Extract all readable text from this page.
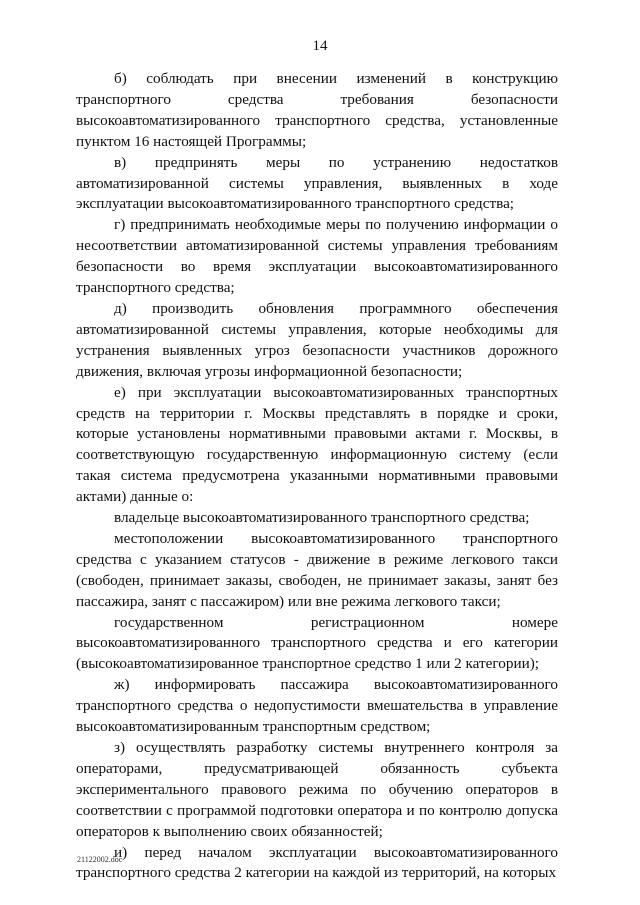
14

б) соблюдать при внесении изменений в конструкцию транспортного средства требования безопасности высокоавтоматизированного транспортного средства, установленные пунктом 16 настоящей Программы;

в) предпринять меры по устранению недостатков автоматизированной системы управления, выявленных в ходе эксплуатации высокоавтоматизированного транспортного средства;

г) предпринимать необходимые меры по получению информации о несоответствии автоматизированной системы управления требованиям безопасности во время эксплуатации высокоавтоматизированного транспортного средства;

д) производить обновления программного обеспечения автоматизированной системы управления, которые необходимы для устранения выявленных угроз безопасности участников дорожного движения, включая угрозы информационной безопасности;

е) при эксплуатации высокоавтоматизированных транспортных средств на территории г. Москвы представлять в порядке и сроки, которые установлены нормативными правовыми актами г. Москвы, в соответствующую государственную информационную систему (если такая система предусмотрена указанными нормативными правовыми актами) данные о:

владельце высокоавтоматизированного транспортного средства;

местоположении высокоавтоматизированного транспортного средства с указанием статусов - движение в режиме легкового такси (свободен, принимает заказы, свободен, не принимает заказы, занят без пассажира, занят с пассажиром) или вне режима легкового такси;

государственном регистрационном номере высокоавтоматизированного транспортного средства и его категории (высокоавтоматизированное транспортное средство 1 или 2 категории);

ж) информировать пассажира высокоавтоматизированного транспортного средства о недопустимости вмешательства в управление высокоавтоматизированным транспортным средством;

з) осуществлять разработку системы внутреннего контроля за операторами, предусматривающей обязанность субъекта экспериментального правового режима по обучению операторов в соответствии с программой подготовки оператора и по контролю допуска операторов к выполнению своих обязанностей;

и) перед началом эксплуатации высокоавтоматизированного транспортного средства 2 категории на каждой из территорий, на которых

21122002.doc
